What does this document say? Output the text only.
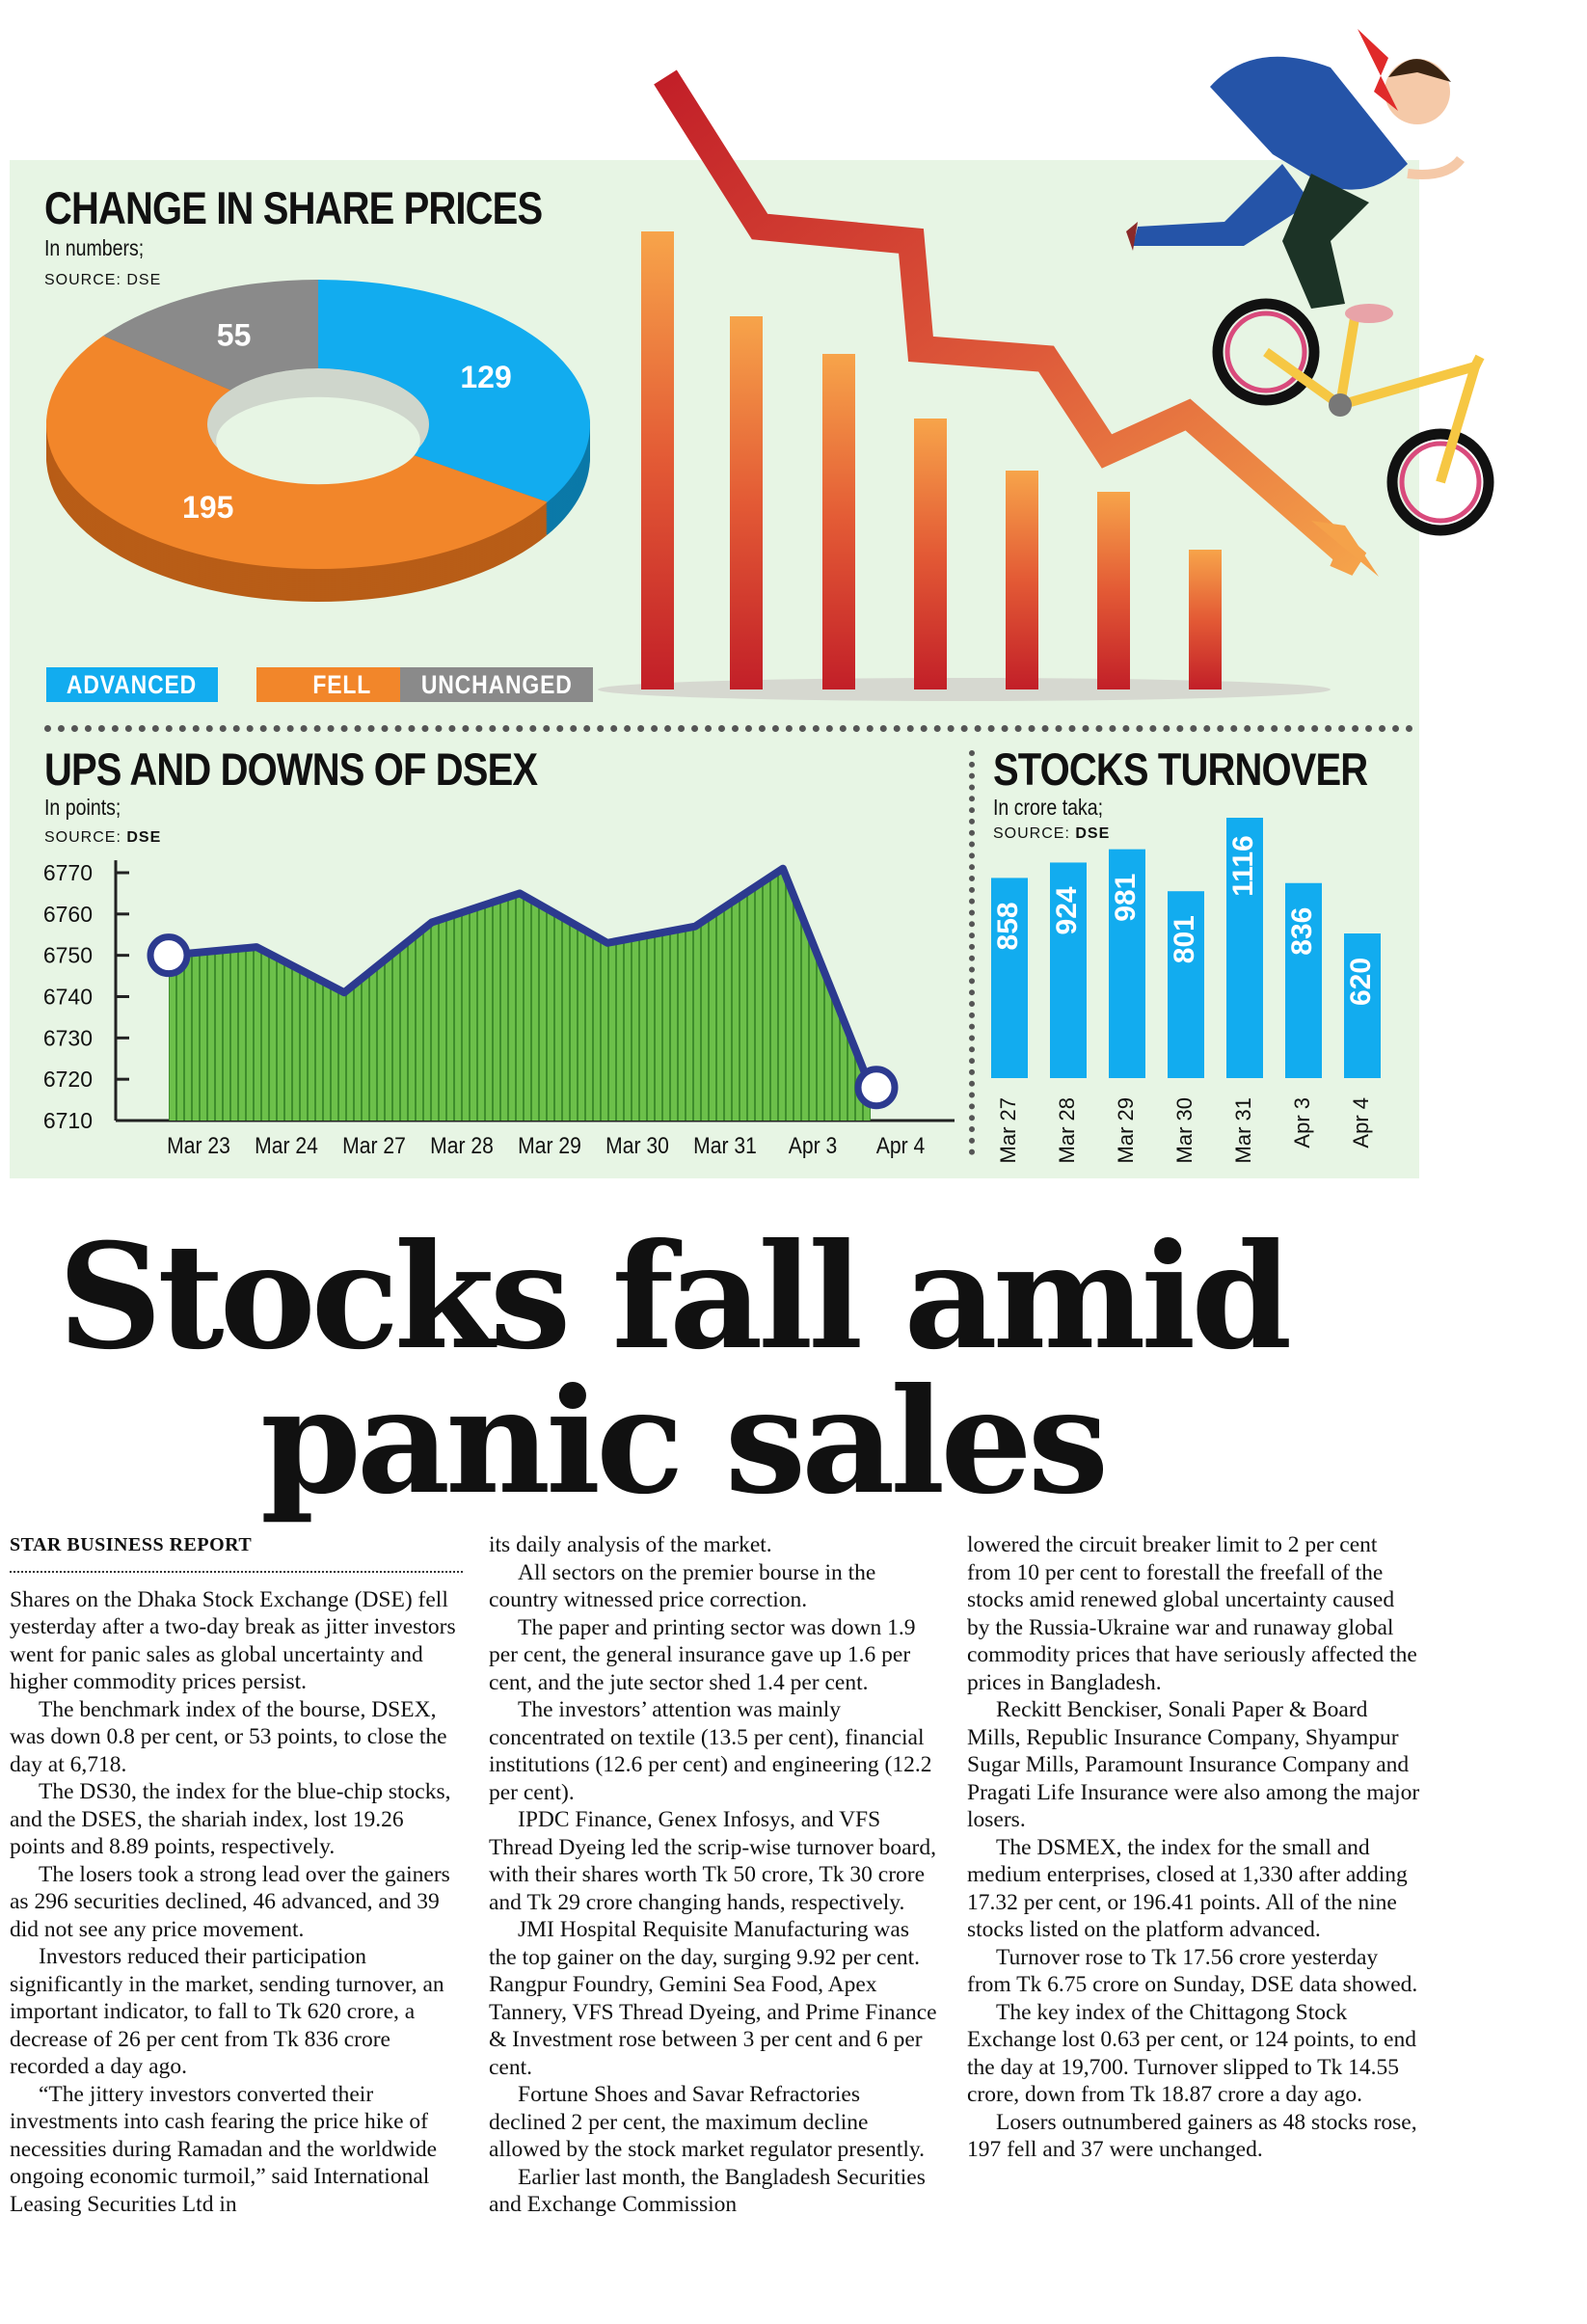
CHANGE IN SHARE PRICES
In numbers;
SOURCE: DSE
129
195
55
ADVANCED	FELL	UNCHANGED
UPS AND DOWNS OF DSEX
In points;
SOURCE: DSE
6770
6760
6750
6740
6730
6720
6710
Mar 23 Mar 24 Mar 27 Mar 28 Mar 29 Mar 30 Mar 31 Apr 3 Apr 4
STOCKS TURNOVER
In crore taka;
SOURCE: DSE
858
Mar 27
924
Mar 28
981
Mar 29
801
Mar 30
1116
Mar 31
836
Apr 3
620
Apr 4
Stocks fall amid
panic sales
STAR BUSINESS REPORT

Shares on the Dhaka Stock Exchange (DSE) fell yesterday after a two-day break as jitter investors went for panic sales as global uncertainty and higher commodity prices persist.

The benchmark index of the bourse, DSEX, was down 0.8 per cent, or 53 points, to close the day at 6,718.

The DS30, the index for the blue-chip stocks, and the DSES, the shariah index, lost 19.26 points and 8.89 points, respectively.

The losers took a strong lead over the gainers as 296 securities declined, 46 advanced, and 39 did not see any price movement.

Investors reduced their participation significantly in the market, sending turnover, an important indicator, to fall to Tk 620 crore, a decrease of 26 per cent from Tk 836 crore recorded a day ago.

“The jittery investors converted their investments into cash fearing the price hike of necessities during Ramadan and the worldwide ongoing economic turmoil,” said International Leasing Securities Ltd in

its daily analysis of the market.

All sectors on the premier bourse in the country witnessed price correction.

The paper and printing sector was down 1.9 per cent, the general insurance gave up 1.6 per cent, and the jute sector shed 1.4 per cent.

The investors’ attention was mainly concentrated on textile (13.5 per cent), financial institutions (12.6 per cent) and engineering (12.2 per cent).

IPDC Finance, Genex Infosys, and VFS Thread Dyeing led the scrip-wise turnover board, with their shares worth Tk 50 crore, Tk 30 crore and Tk 29 crore changing hands, respectively.

JMI Hospital Requisite Manufacturing was the top gainer on the day, surging 9.92 per cent. Rangpur Foundry, Gemini Sea Food, Apex Tannery, VFS Thread Dyeing, and Prime Finance & Investment rose between 3 per cent and 6 per cent.

Fortune Shoes and Savar Refractories declined 2 per cent, the maximum decline allowed by the stock market regulator presently.

Earlier last month, the Bangladesh Securities and Exchange Commission

lowered the circuit breaker limit to 2 per cent from 10 per cent to forestall the freefall of the stocks amid renewed global uncertainty caused by the Russia-Ukraine war and runaway global commodity prices that have seriously affected the prices in Bangladesh.

Reckitt Benckiser, Sonali Paper & Board Mills, Republic Insurance Company, Shyampur Sugar Mills, Paramount Insurance Company and Pragati Life Insurance were also among the major losers.

The DSMEX, the index for the small and medium enterprises, closed at 1,330 after adding 17.32 per cent, or 196.41 points. All of the nine stocks listed on the platform advanced.

Turnover rose to Tk 17.56 crore yesterday from Tk 6.75 crore on Sunday, DSE data showed.

The key index of the Chittagong Stock Exchange lost 0.63 per cent, or 124 points, to end the day at 19,700. Turnover slipped to Tk 14.55 crore, down from Tk 18.87 crore a day ago.

Losers outnumbered gainers as 48 stocks rose, 197 fell and 37 were unchanged.
